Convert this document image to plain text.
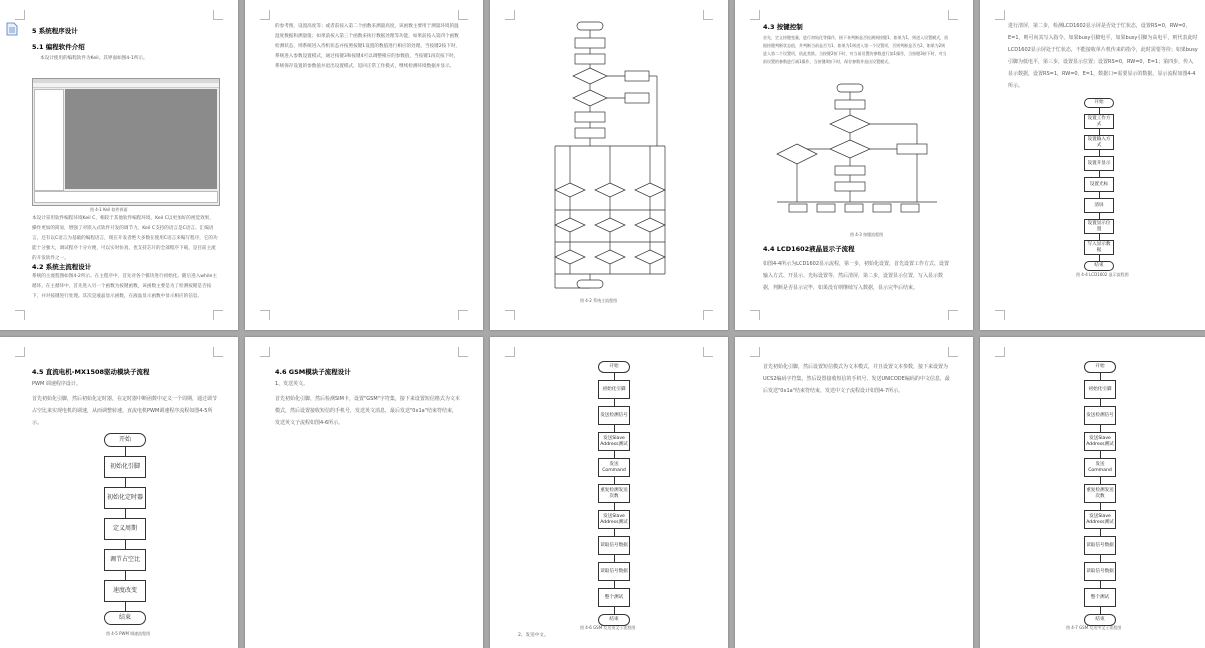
5 系统程序设计
5.1 编程软件介绍
本设计使用的编程软件为Keil。其界面如图4-1所示。
图 4-1 Keil 软件界面
本设计采用软件编程环境Keil C，相较于其他软件编程环境，Keil C以更加好的视觉效果，操作更加的简易，增强了对嵌入式软件开发的调节力。Keil C支持的语言是C语言、汇编语言，还有以C语言为基础的编程语言，现在开发者绝大多数在使用C语言来编写程序，它的功能十分强大，调试程序十分方便，可以实时仿真，也支持芯片的全部程序下载，是目前主流的开发软件之一。
4.2 系统主流程设计
系统的主流程图如图4-2所示。在主程序中，首先对各个模块进行初始化。随后进入while主循环。在主循环中，首先进入另一个函数为按键函数，该函数主要是为了检测按键是否按下，并对按键进行处理。其次是液晶显示函数，在液晶显示函数中显示相应的信息。
的参考图，设置高度等；或者前按入第二个函数来测量高度，该函数主要用于测量环境的温湿度数据和测量值；如果前按入第三个函数来执行数据处理等功能，如果前按入第四个函数检测状态，则系统进入待机状态并按照按键1设置的数值进行相应的处理。当按键2按下时，系统进入参数设置模式，通过按键3和按键4可以调整相应的参数值，当按键1再次按下时，系统保存设置的参数值并退出设置模式，返回正常工作模式，继续检测环境数据并显示。
图 4-2 系统主流程图
4.3 按键控制
首先，定义按键变量，进行初始化等操作，接下来判断是否检测到按键1，如果为1，则进入设置模式，依据按键判断状态值，并判断当前是否为1，如果为1则进入第一个设置项，否则判断是否为2，如果为2则进入第二个设置项，依此类推。当按键2按下时，对当前设置的参数进行加1操作，当按键3按下时，对当前设置的参数进行减1操作，当按键4按下时，保存参数并退出设置模式。
图 4-3 按键流程图
4.4 LCD1602液晶显示子流程
如图4-4所示为LCD1602显示流程，第一步，初始化设置，首先设置工作方式、设置输入方式、开显示、光标设置等，然后清屏，第二步，设置显示位置，写入显示数据，判断是否显示完毕，如果没有则继续写入数据，显示完毕后结束。
进行清屏，第二步，检测LCD1602显示屏是否处于忙状态，设置RS=0，RW=0，E=1，则可向其写入指令。如果busy引脚电平，如果busy引脚为高电平，则代表此时LCD1602显示屏处于忙状态，不能接收单片机传来的指令，此时需要等待；如果busy引脚为低电平，第三步，设置显示位置；设置RS=0，RW=0，E=1；第四步，传入显示数据，设置RS=1，RW=0，E=1，数据口=需要显示的数据。显示流程如图4-4所示。
开始
设置工作方式
设置输入方式
设置开显示
设置光标
清屏
设置显示位置
写入显示数据
结束
图 4-4 LCD1602 显示流程图
4.5 直流电机-MX1508驱动模块子流程
PWM 调速程序设计。
首先初始化引脚，然后初始化定时器，在定时器中断函数中定义一个周期，通过调节占空比来实现电机的调速，从而调整转速。直流电机PWM调速程序流程如图4-5所示。
开始
初始化引脚
初始化定时器
定义周期
调节占空比
速度改变
结束
图 4-5 PWM 调速流程图
4.6 GSM模块子流程设计
1、发送英文。
首先初始化引脚，然后检测SIM卡，设置"GSM"字符集，接下来设置短信格式为文本模式，然后设置接收短信的手机号，发送英文消息，最后发送"0x1a"结束符结束，发送英文子流程如图4-6所示。
开始
初始化引脚
发送检测信号
发送Slave Address测试
发送Command
重复检测发送次数
发送Slave Address测试
读取信号数据
读取信号数据
整个测试
结束
图 4-6 GSM 发送英文子流程图
2、发送中文。
首先初始化引脚，然后设置短信模式为文本模式，并且设置文本参数，接下来设置为UCS2编码字符集，然后设置接收短信的手机号，发送UNICODE编码的中文信息，最后发送"0x1a"结束符结束，发送中文子流程设计如图4-7所示。
开始
初始化引脚
发送检测信号
发送Slave Address测试
发送Command
重复检测发送次数
发送Slave Address测试
读取信号数据
读取信号数据
整个测试
结束
图 4-7 GSM 发送中文子流程图
